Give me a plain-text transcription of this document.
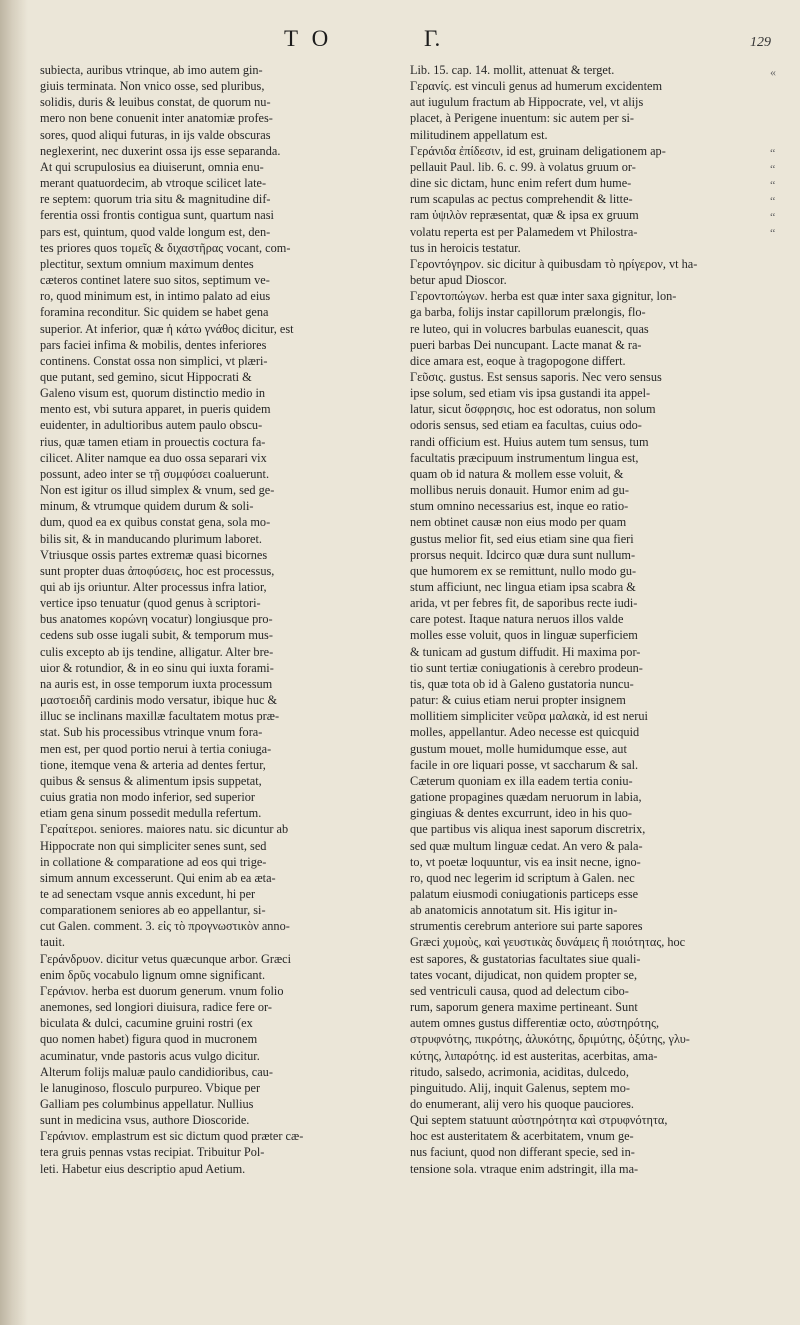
TO	Γ.	129

subiecta, auribus vtrinque, ab imo autem gin-

giuis terminata. Non vnico osse, sed pluribus,

solidis, duris & leuibus constat, de quorum nu-

mero non bene conuenit inter anatomiæ profes-

sores, quod aliqui futuras, in ijs valde obscuras

neglexerint, nec duxerint ossa ijs esse separanda.

At qui scrupulosius ea diuiserunt, omnia enu-

merant quatuordecim, ab vtroque scilicet late-

re septem: quorum tria situ & magnitudine dif-

ferentia ossi frontis contigua sunt, quartum nasi

pars est, quintum, quod valde longum est, den-

tes priores quos τομεῖς & διχαστῆρας vocant, com-

plectitur, sextum omnium maximum dentes

cæteros continet latere suo sitos, septimum ve-

ro, quod minimum est, in intimo palato ad eius

foramina reconditur. Sic quidem se habet gena

superior. At inferior, quæ ἡ κάτω γνάθος dicitur, est

pars faciei infima & mobilis, dentes inferiores

continens. Constat ossa non simplici, vt plæri-

que putant, sed gemino, sicut Hippocrati &

Galeno visum est, quorum distinctio medio in

mento est, vbi sutura apparet, in pueris quidem

euidenter, in adultioribus autem paulo obscu-

rius, quæ tamen etiam in prouectis coctura fa-

cilicet. Aliter namque ea duo ossa separari vix

possunt, adeo inter se τῇ συμφύσει coaluerunt.

Non est igitur os illud simplex & vnum, sed ge-

minum, & vtrumque quidem durum & soli-

dum, quod ea ex quibus constat gena, sola mo-

bilis sit, & in manducando plurimum laboret.

Vtriusque ossis partes extremæ quasi bicornes

sunt propter duas ἀποφύσεις, hoc est processus,

qui ab ijs oriuntur. Alter processus infra latior,

vertice ipso tenuatur (quod genus à scriptori-

bus anatomes κορώνη vocatur) longiusque pro-

cedens sub osse iugali subit, & temporum mus-

culis excepto ab ijs tendine, alligatur. Alter bre-

uior & rotundior, & in eo sinu qui iuxta forami-

na auris est, in osse temporum iuxta processum

μαστοειδῆ cardinis modo versatur, ibique huc &

illuc se inclinans maxillæ facultatem motus præ-

stat. Sub his processibus vtrinque vnum fora-

men est, per quod portio nerui à tertia coniuga-

tione, itemque vena & arteria ad dentes fertur,

quibus & sensus & alimentum ipsis suppetat,

cuius gratia non modo inferior, sed superior

etiam gena sinum possedit medulla refertum.

Γεραίτεροι. seniores. maiores natu. sic dicuntur ab

Hippocrate non qui simpliciter senes sunt, sed

in collatione & comparatione ad eos qui trige-

simum annum excesserunt. Qui enim ab ea æta-

te ad senectam vsque annis excedunt, hi per

comparationem seniores ab eo appellantur, si-

cut Galen. comment. 3. εἰς τὸ προγνωστικὸν anno-

tauit.

Γεράνδρυον. dicitur vetus quæcunque arbor. Græci

enim δρῦς vocabulo lignum omne significant.

Γεράνιον. herba est duorum generum. vnum folio

anemones, sed longiori diuisura, radice fere or-

biculata & dulci, cacumine gruini rostri (ex

quo nomen habet) figura quod in mucronem

acuminatur, vnde pastoris acus vulgo dicitur.

Alterum folijs maluæ paulo candidioribus, cau-

le lanuginoso, flosculo purpureo. Vbique per

Galliam pes columbinus appellatur. Nullius

sunt in medicina vsus, authore Dioscoride.

Γεράνιον. emplastrum est sic dictum quod præter cæ-

tera gruis pennas vstas recipiat. Tribuitur Pol-

leti. Habetur eius descriptio apud Aetium.

Lib. 15. cap. 14. mollit, attenuat & terget.

Γερανίς. est vinculi genus ad humerum excidentem

aut iugulum fractum ab Hippocrate, vel, vt alijs

placet, à Perigene inuentum: sic autem per si-

militudinem appellatum est.

Γεράνιδα ἐπίδεσιν, id est, gruinam deligationem ap-

pellauit Paul. lib. 6. c. 99. à volatus gruum or-

dine sic dictam, hunc enim refert dum hume-

rum scapulas ac pectus comprehendit & litte-

ram ὐψιλὸν repræsentat, quæ & ipsa ex gruum

volatu reperta est per Palamedem vt Philostra-

tus in heroicis testatur.

Γεροντόγηρον. sic dicitur à quibusdam τὸ ηρίγερον, vt ha-

betur apud Dioscor.

Γεροντοπώγων. herba est quæ inter saxa gignitur, lon-

ga barba, folijs instar capillorum prælongis, flo-

re luteo, qui in volucres barbulas euanescit, quas

pueri barbas Dei nuncupant. Lacte manat & ra-

dice amara est, eoque à tragopogone differt.

Γεῦσις. gustus. Est sensus saporis. Nec vero sensus

ipse solum, sed etiam vis ipsa gustandi ita appel-

latur, sicut ὄσφρησις, hoc est odoratus, non solum

odoris sensus, sed etiam ea facultas, cuius odo-

randi officium est. Huius autem tum sensus, tum

facultatis præcipuum instrumentum lingua est,

quam ob id natura & mollem esse voluit, &

mollibus neruis donauit. Humor enim ad gu-

stum omnino necessarius est, inque eo ratio-

nem obtinet causæ non eius modo per quam

gustus melior fit, sed eius etiam sine qua fieri

prorsus nequit. Idcirco quæ dura sunt nullum-

que humorem ex se remittunt, nullo modo gu-

stum afficiunt, nec lingua etiam ipsa scabra &

arida, vt per febres fit, de saporibus recte iudi-

care potest. Itaque natura neruos illos valde

molles esse voluit, quos in linguæ superficiem

& tunicam ad gustum diffudit. Hi maxima por-

tio sunt tertiæ coniugationis à cerebro prodeun-

tis, quæ tota ob id à Galeno gustatoria nuncu-

patur: & cuius etiam nerui propter insignem

mollitiem simpliciter νεῦρα μαλακὰ, id est nerui

molles, appellantur. Adeo necesse est quicquid

gustum mouet, molle humidumque esse, aut

facile in ore liquari posse, vt saccharum & sal.

Cæterum quoniam ex illa eadem tertia coniu-

gatione propagines quædam neruorum in labia,

gingiuas & dentes excurrunt, ideo in his quo-

que partibus vis aliqua inest saporum discretrix,

sed quæ multum linguæ cedat. An vero & pala-

to, vt poetæ loquuntur, vis ea insit necne, igno-

ro, quod nec legerim id scriptum à Galen. nec

palatum eiusmodi coniugationis particeps esse

ab anatomicis annotatum sit. His igitur in-

strumentis cerebrum anteriore sui parte sapores

Græci χυμοὺς, καὶ γευστικὰς δυνάμεις ἢ ποιότητας, hoc

est sapores, & gustatorias facultates siue quali-

tates vocant, dijudicat, non quidem propter se,

sed ventriculi causa, quod ad delectum cibo-

rum, saporum genera maxime pertineant. Sunt

autem omnes gustus differentiæ octo, αὐστηρότης,

στρυφνότης, πικρότης, ἁλυκότης, δριμύτης, ὀξύτης, γλυ-

κύτης, λιπαρότης. id est austeritas, acerbitas, ama-

ritudo, salsedo, acrimonia, aciditas, dulcedo,

pinguitudo. Alij, inquit Galenus, septem mo-

do enumerant, alij vero his quoque pauciores.

Qui septem statuunt αὐστηρότητα καὶ στρυφνότητα,

hoc est austeritatem & acerbitatem, vnum ge-

nus faciunt, quod non differant specie, sed in-

tensione sola. vtraque enim adstringit, illa ma-

«
“
“
“
“
“
“
